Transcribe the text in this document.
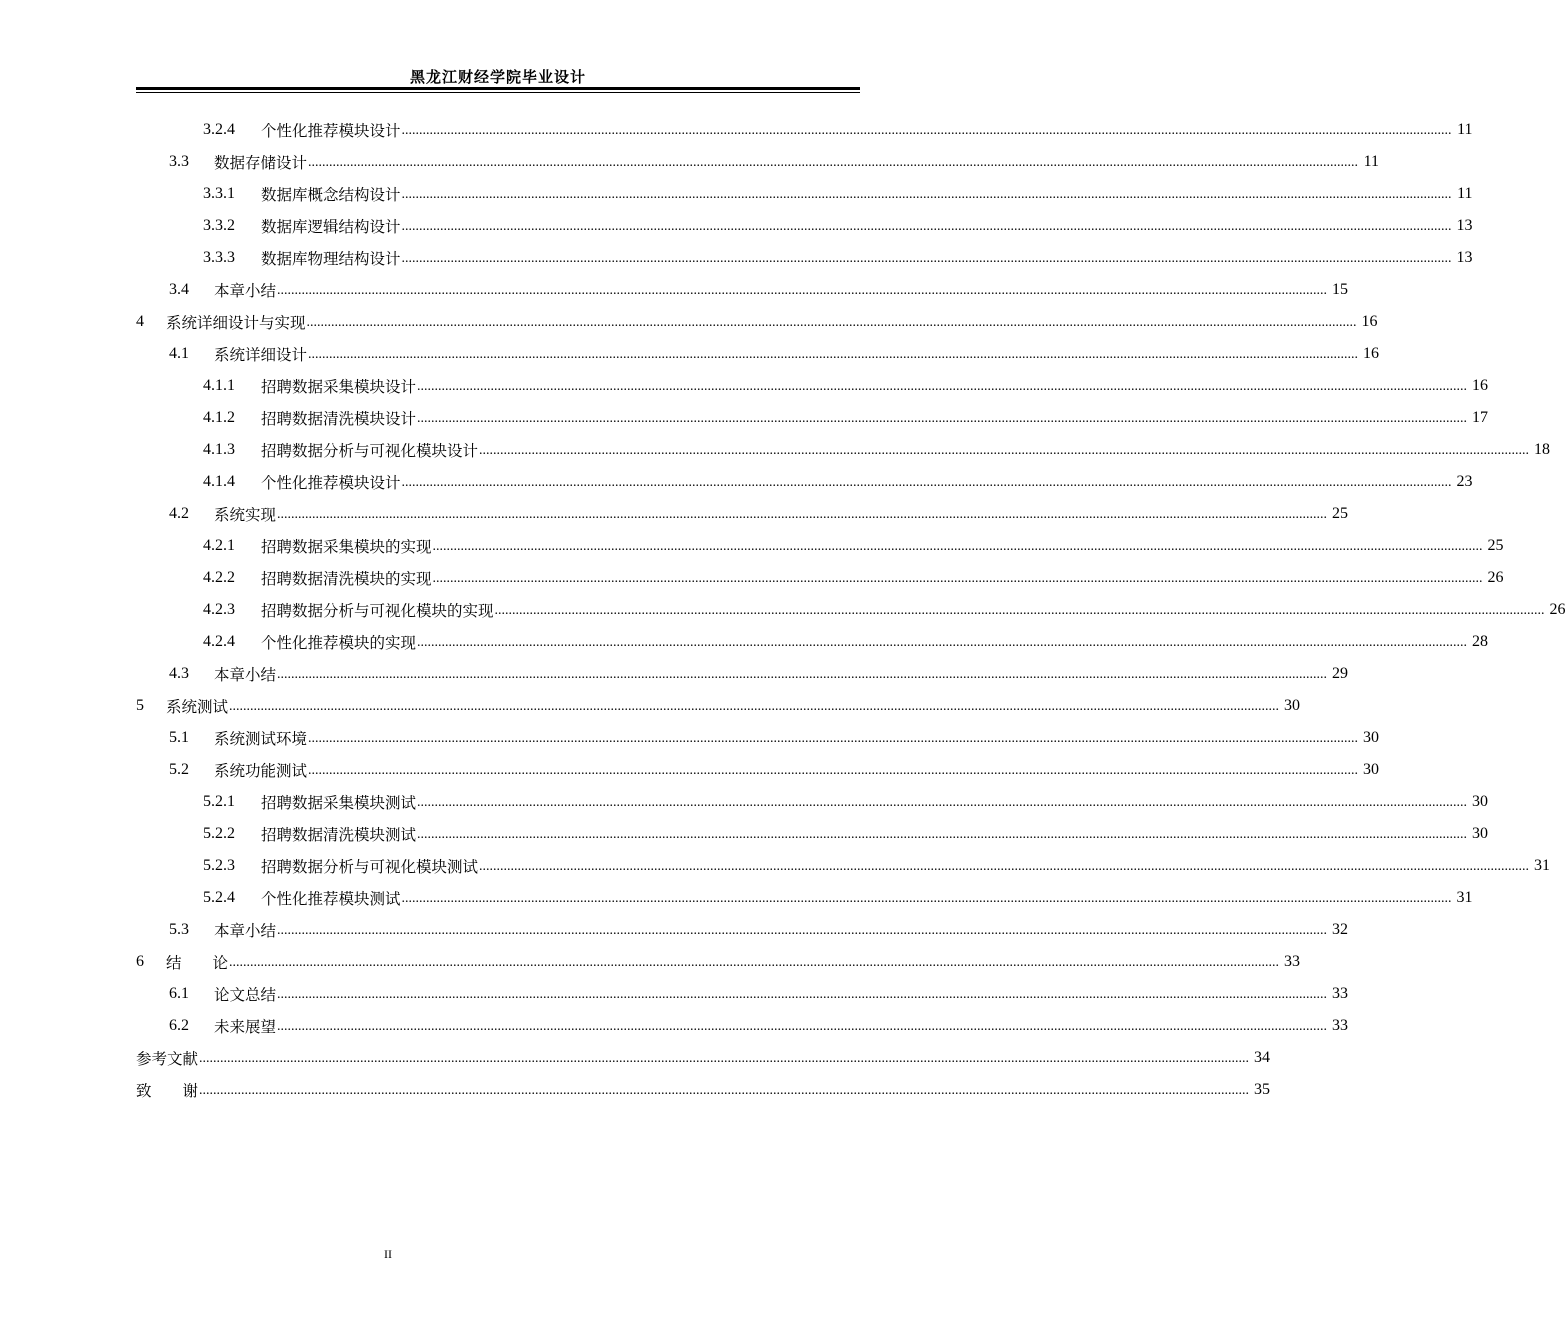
黑龙江财经学院毕业设计
3.2.4	个性化推荐模块设计 ............................................................................................................................................................................................................................................................................................................ 11
3.3	数据存储设计 ............................................................................................................................................................................................................................................................................................................ 11
3.3.1	数据库概念结构设计 ............................................................................................................................................................................................................................................................................................................ 11
3.3.2	数据库逻辑结构设计 ............................................................................................................................................................................................................................................................................................................ 13
3.3.3	数据库物理结构设计 ............................................................................................................................................................................................................................................................................................................ 13
3.4	本章小结 ............................................................................................................................................................................................................................................................................................................ 15
4	系统详细设计与实现 ............................................................................................................................................................................................................................................................................................................ 16
4.1	系统详细设计 ............................................................................................................................................................................................................................................................................................................ 16
4.1.1	招聘数据采集模块设计 ............................................................................................................................................................................................................................................................................................................ 16
4.1.2	招聘数据清洗模块设计 ............................................................................................................................................................................................................................................................................................................ 17
4.1.3	招聘数据分析与可视化模块设计 ............................................................................................................................................................................................................................................................................................................ 18
4.1.4	个性化推荐模块设计 ............................................................................................................................................................................................................................................................................................................ 23
4.2	系统实现 ............................................................................................................................................................................................................................................................................................................ 25
4.2.1	招聘数据采集模块的实现 ............................................................................................................................................................................................................................................................................................................ 25
4.2.2	招聘数据清洗模块的实现 ............................................................................................................................................................................................................................................................................................................ 26
4.2.3	招聘数据分析与可视化模块的实现 ............................................................................................................................................................................................................................................................................................................ 26
4.2.4	个性化推荐模块的实现 ............................................................................................................................................................................................................................................................................................................ 28
4.3	本章小结 ............................................................................................................................................................................................................................................................................................................ 29
5	系统测试 ............................................................................................................................................................................................................................................................................................................ 30
5.1	系统测试环境 ............................................................................................................................................................................................................................................................................................................ 30
5.2	系统功能测试 ............................................................................................................................................................................................................................................................................................................ 30
5.2.1	招聘数据采集模块测试 ............................................................................................................................................................................................................................................................................................................ 30
5.2.2	招聘数据清洗模块测试 ............................................................................................................................................................................................................................................................................................................ 30
5.2.3	招聘数据分析与可视化模块测试 ............................................................................................................................................................................................................................................................................................................ 31
5.2.4	个性化推荐模块测试 ............................................................................................................................................................................................................................................................................................................ 31
5.3	本章小结 ............................................................................................................................................................................................................................................................................................................ 32
6	结　　论 ............................................................................................................................................................................................................................................................................................................ 33
6.1	论文总结 ............................................................................................................................................................................................................................................................................................................ 33
6.2	未来展望 ............................................................................................................................................................................................................................................................................................................ 33
参考文献 ............................................................................................................................................................................................................................................................................................................ 34
致　　谢 ............................................................................................................................................................................................................................................................................................................ 35
II
